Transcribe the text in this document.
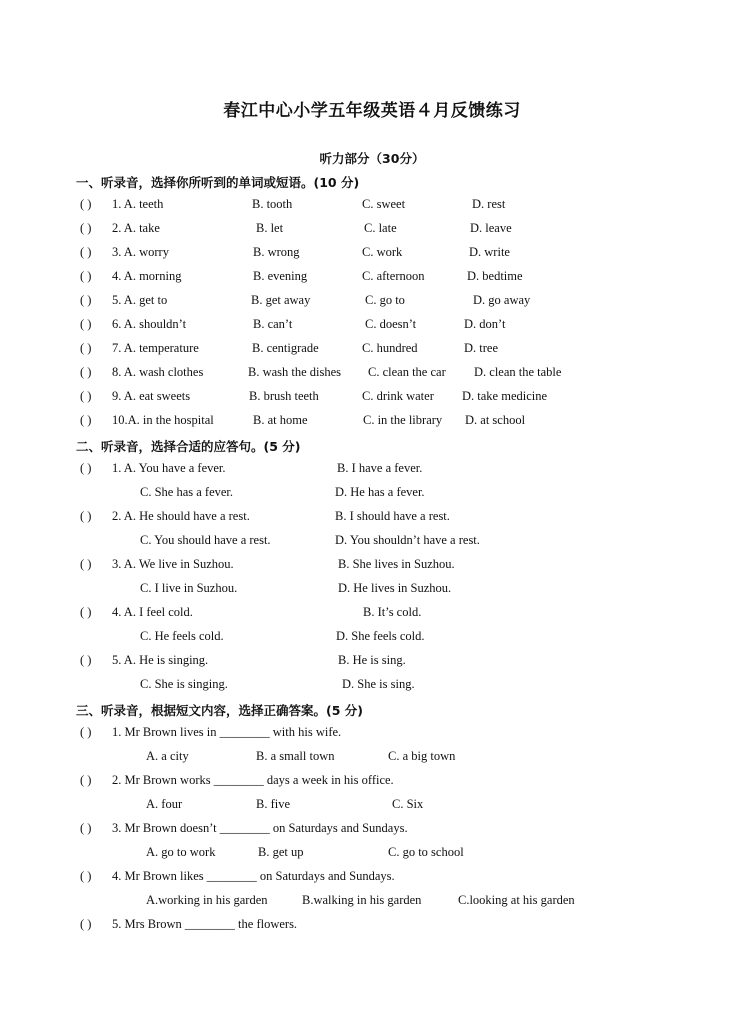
春江中心小学五年级英语４月反馈练习
听力部分（30分）
一、听录音，选择你所听到的单词或短语。(10 分)
( ) 1. A. teeth	B. tooth	C. sweet	D. rest
( ) 2. A. take	B. let	C. late	D. leave
( ) 3. A. worry	B. wrong	C. work	D. write
( ) 4. A. morning	B. evening	C. afternoon	D. bedtime
( ) 5. A. get to	B. get away	C. go to	D. go away
( ) 6. A. shouldn’t	B. can’t	C. doesn’t	D. don’t
( ) 7. A. temperature	B. centigrade	C. hundred	D. tree
( ) 8. A. wash clothes	B. wash the dishes C. clean the car D. clean the table
( ) 9. A. eat sweets	B. brush teeth	C. drink water D. take medicine
( ) 10.A. in the hospital	B. at home	C. in the library D. at school
二、听录音，选择合适的应答句。(5 分)
( ) 1. A. You have a fever.	B. I have a fever.
C. She has a fever.	D. He has a fever.
( ) 2. A. He should have a rest.	B. I should have a rest.
C. You should have a rest.	D. You shouldn’t have a rest.
( ) 3. A. We live in Suzhou.	B. She lives in Suzhou.
C. I live in Suzhou.	D. He lives in Suzhou.
( ) 4. A. I feel cold.	B. It’s cold.
C. He feels cold.	D. She feels cold.
( ) 5. A. He is singing.	B. He is sing.
C. She is singing.	D. She is sing.
三、听录音，根据短文内容，选择正确答案。(5 分)
( ) 1. Mr Brown lives in ________ with his wife.
A. a city	B. a small town	C. a big town
( ) 2. Mr Brown works ________ days a week in his office.
A. four	B. five	C. Six
( ) 3. Mr Brown doesn’t ________ on Saturdays and Sundays.
A. go to work	B. get up	C. go to school
( ) 4. Mr Brown likes ________ on Saturdays and Sundays.
A.working in his garden	B.walking in his garden	C.looking at his garden
( ) 5. Mrs Brown ________ the flowers.
